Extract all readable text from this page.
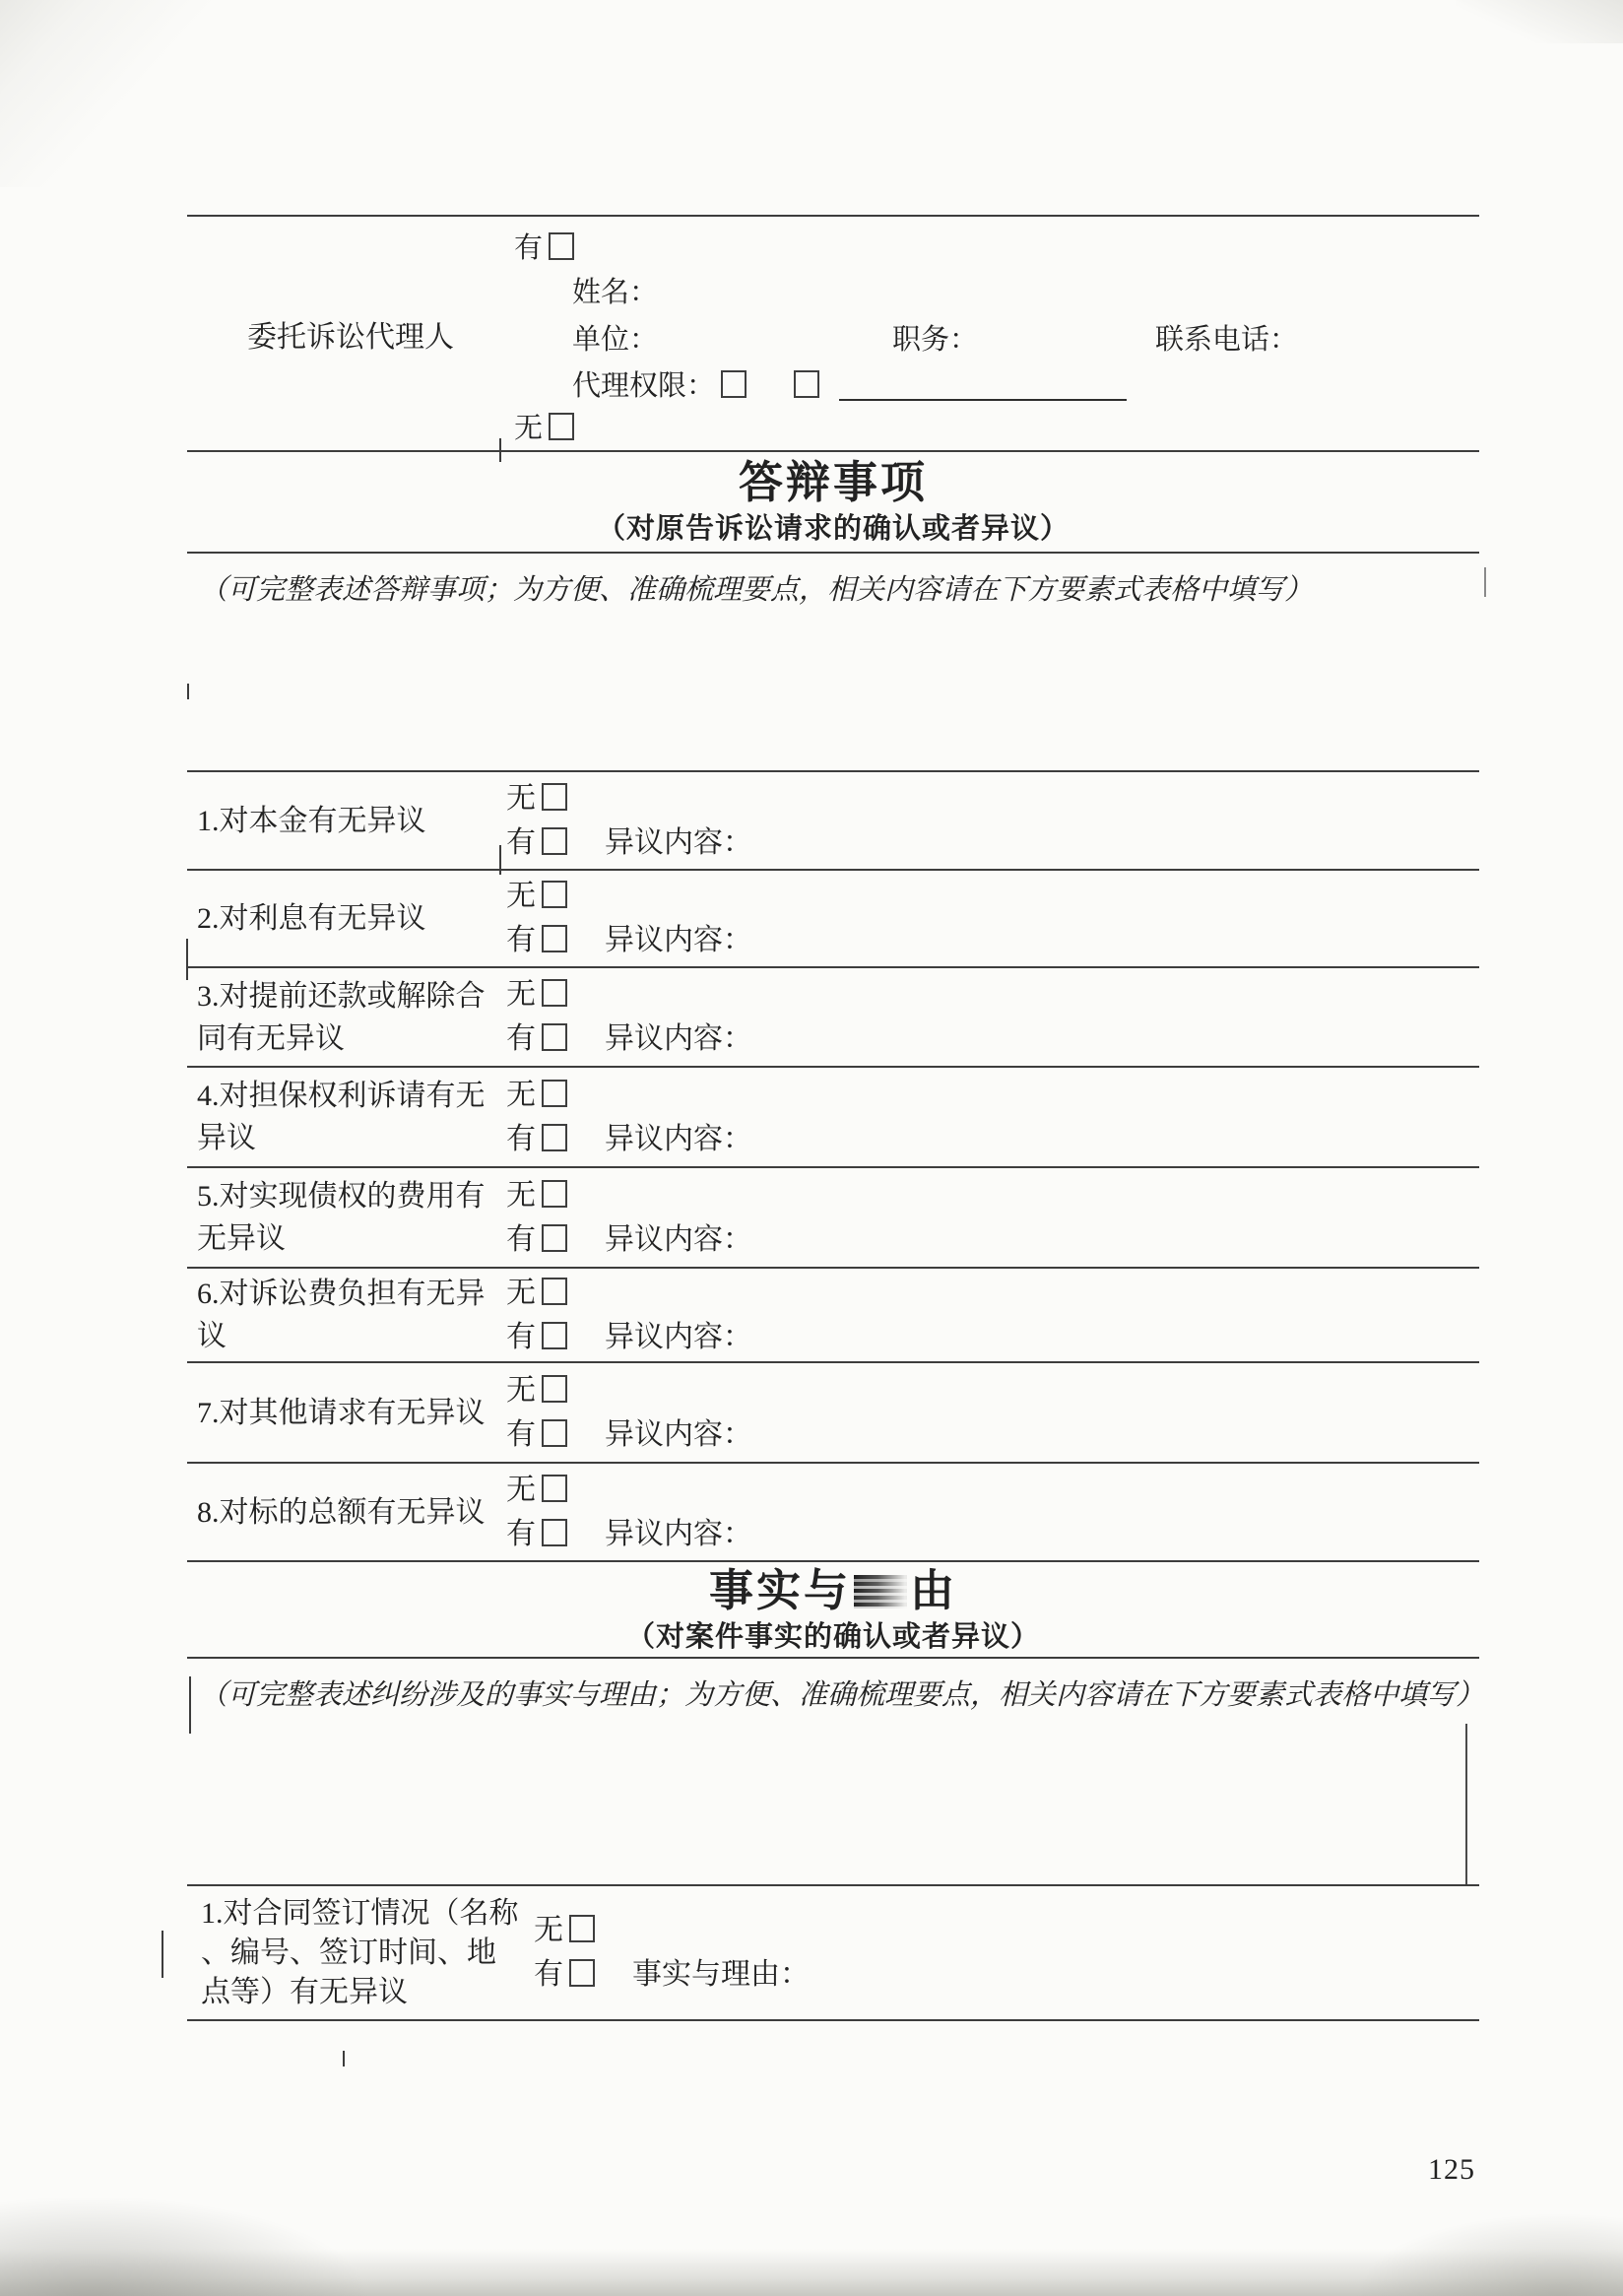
委托诉讼代理人
有
姓名：
单位：	职务：	联系电话：
代理权限：
无
答辩事项
（对原告诉讼请求的确认或者异议）
（可完整表述答辩事项；为方便、准确梳理要点，相关内容请在下方要素式表格中填写）
1.对本金有无异议
无
有 异议内容：
2.对利息有无异议
无
有 异议内容：
3.对提前还款或解除合同有无异议
无
有 异议内容：
4.对担保权利诉请有无异议
无
有 异议内容：
5.对实现债权的费用有无异议
无
有 异议内容：
6.对诉讼费负担有无异议
无
有 异议内容：
7.对其他请求有无异议
无
有 异议内容：
8.对标的总额有无异议
无
有 异议内容：
事实与 由
（对案件事实的确认或者异议）
（可完整表述纠纷涉及的事实与理由；为方便、准确梳理要点，相关内容请在下方要素式表格中填写）
1.对合同签订情况（名称、编号、签订时间、地点等）有无异议
无
有 事实与理由：
125
